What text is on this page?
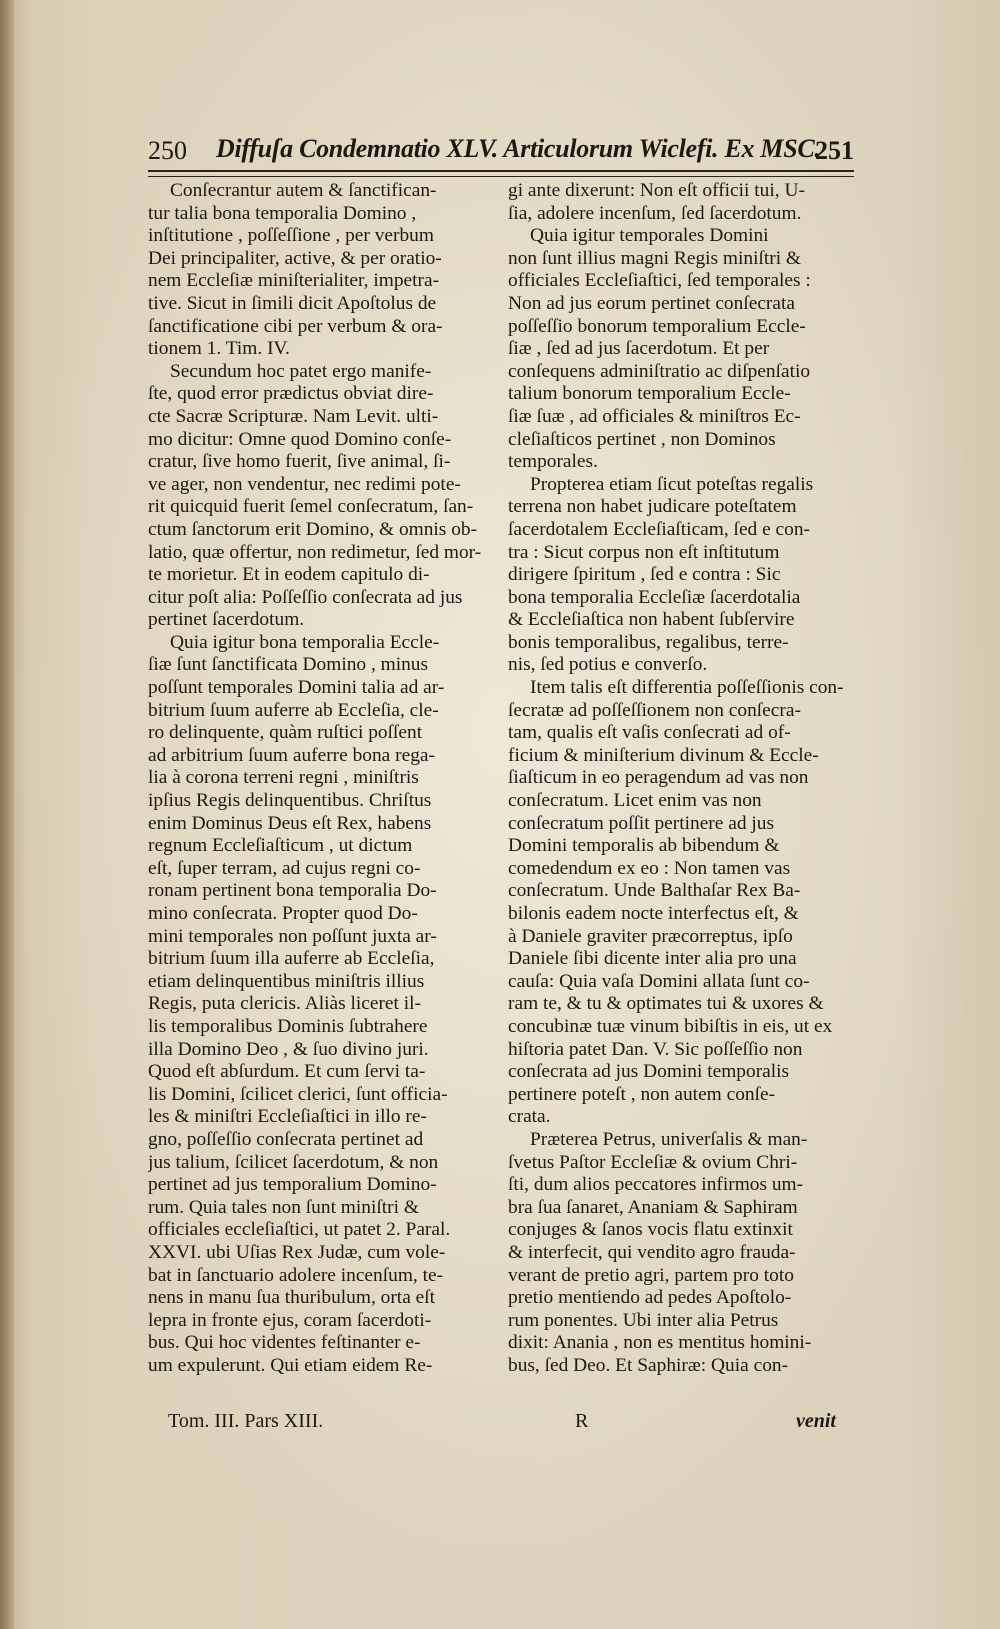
250 Diffuſa Condemnatio XLV. Articulorum Wiclefi. Ex MSC.
251
Conſecrantur autem & ſanctifican-
tur talia bona temporalia Domino ,
inſtitutione , poſſeſſione , per verbum
Dei principaliter, active, & per oratio-
nem Eccleſiæ miniſterialiter, impetra-
tive. Sicut in ſimili dicit Apoſtolus de
ſanctificatione cibi per verbum & ora-
tionem 1. Tim. IV.
Secundum hoc patet ergo manife-
ſte, quod error prædictus obviat dire-
cte Sacræ Scripturæ. Nam Levit. ulti-
mo dicitur: Omne quod Domino conſe-
cratur, ſive homo fuerit, ſive animal, ſi-
ve ager, non vendentur, nec redimi pote-
rit quicquid fuerit ſemel conſecratum, ſan-
ctum ſanctorum erit Domino, & omnis ob-
latio, quæ offertur, non redimetur, ſed mor-
te morietur. Et in eodem capitulo di-
citur poſt alia: Poſſeſſio conſecrata ad jus
pertinet ſacerdotum.
Quia igitur bona temporalia Eccle-
ſiæ ſunt ſanctificata Domino , minus
poſſunt temporales Domini talia ad ar-
bitrium ſuum auferre ab Eccleſia, cle-
ro delinquente, quàm ruſtici poſſent
ad arbitrium ſuum auferre bona rega-
lia à corona terreni regni , miniſtris
ipſius Regis delinquentibus. Chriſtus
enim Dominus Deus eſt Rex, habens
regnum Eccleſiaſticum , ut dictum
eſt, ſuper terram, ad cujus regni co-
ronam pertinent bona temporalia Do-
mino conſecrata. Propter quod Do-
mini temporales non poſſunt juxta ar-
bitrium ſuum illa auferre ab Eccleſia,
etiam delinquentibus miniſtris illius
Regis, puta clericis. Aliàs liceret il-
lis temporalibus Dominis ſubtrahere
illa Domino Deo , & ſuo divino juri.
Quod eſt abſurdum. Et cum ſervi ta-
lis Domini, ſcilicet clerici, ſunt officia-
les & miniſtri Eccleſiaſtici in illo re-
gno, poſſeſſio conſecrata pertinet ad
jus talium, ſcilicet ſacerdotum, & non
pertinet ad jus temporalium Domino-
rum. Quia tales non ſunt miniſtri &
officiales eccleſiaſtici, ut patet 2. Paral.
XXVI. ubi Uſias Rex Judæ, cum vole-
bat in ſanctuario adolere incenſum, te-
nens in manu ſua thuribulum, orta eſt
lepra in fronte ejus, coram ſacerdoti-
bus. Qui hoc videntes feſtinanter e-
um expulerunt. Qui etiam eidem Re-
gi ante dixerunt: Non eſt officii tui, U-
ſia, adolere incenſum, ſed ſacerdotum.
Quia igitur temporales Domini
non ſunt illius magni Regis miniſtri &
officiales Eccleſiaſtici, ſed temporales :
Non ad jus eorum pertinet conſecrata
poſſeſſio bonorum temporalium Eccle-
ſiæ , ſed ad jus ſacerdotum. Et per
conſequens adminiſtratio ac diſpenſatio
talium bonorum temporalium Eccle-
ſiæ ſuæ , ad officiales & miniſtros Ec-
cleſiaſticos pertinet , non Dominos
temporales.
Propterea etiam ſicut poteſtas regalis
terrena non habet judicare poteſtatem
ſacerdotalem Eccleſiaſticam, ſed e con-
tra : Sicut corpus non eſt inſtitutum
dirigere ſpiritum , ſed e contra : Sic
bona temporalia Eccleſiæ ſacerdotalia
& Eccleſiaſtica non habent ſubſervire
bonis temporalibus, regalibus, terre-
nis, ſed potius e converſo.
Item talis eſt differentia poſſeſſionis con-
ſecratæ ad poſſeſſionem non conſecra-
tam, qualis eſt vaſis conſecrati ad of-
ficium & miniſterium divinum & Eccle-
ſiaſticum in eo peragendum ad vas non
conſecratum. Licet enim vas non
conſecratum poſſit pertinere ad jus
Domini temporalis ab bibendum &
comedendum ex eo : Non tamen vas
conſecratum. Unde Balthaſar Rex Ba-
bilonis eadem nocte interfectus eſt, &
à Daniele graviter præcorreptus, ipſo
Daniele ſibi dicente inter alia pro una
cauſa: Quia vaſa Domini allata ſunt co-
ram te, & tu & optimates tui & uxores &
concubinæ tuæ vinum bibiſtis in eis, ut ex
hiſtoria patet Dan. V. Sic poſſeſſio non
conſecrata ad jus Domini temporalis
pertinere poteſt , non autem conſe-
crata.
Præterea Petrus, univerſalis & man-
ſvetus Paſtor Eccleſiæ & ovium Chri-
ſti, dum alios peccatores infirmos um-
bra ſua ſanaret, Ananiam & Saphiram
conjuges & ſanos vocis flatu extinxit
& interfecit, qui vendito agro frauda-
verant de pretio agri, partem pro toto
pretio mentiendo ad pedes Apoſtolo-
rum ponentes. Ubi inter alia Petrus
dixit: Anania , non es mentitus homini-
bus, ſed Deo. Et Saphiræ: Quia con-
Tom. III. Pars XIII.	R	venit
